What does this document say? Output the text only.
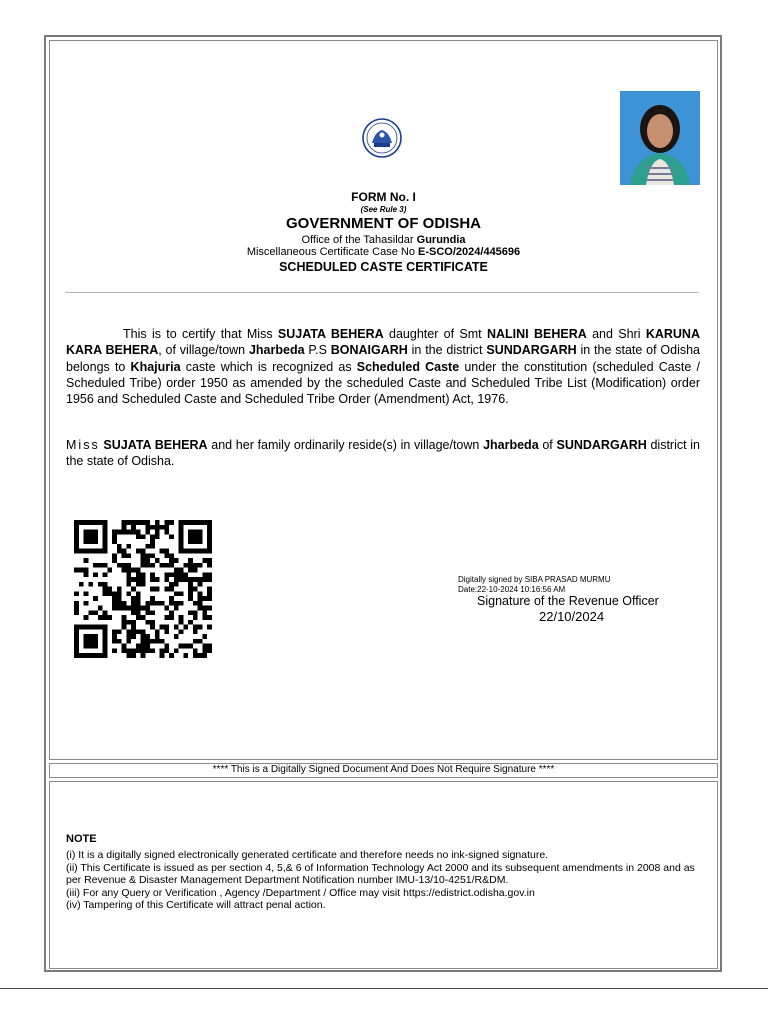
FORM No. I
(See Rule 3)
GOVERNMENT OF ODISHA
Office of the Tahasildar Gurundia
Miscellaneous Certificate Case No E-SCO/2024/445696
SCHEDULED CASTE CERTIFICATE

This is to certify that Miss SUJATA BEHERA daughter of Smt NALINI BEHERA and Shri KARUNA KARA BEHERA, of village/town Jharbeda P.S BONAIGARH in the district SUNDARGARH in the state of Odisha belongs to Khajuria caste which is recognized as Scheduled Caste under the constitution (scheduled Caste / Scheduled Tribe) order 1950 as amended by the scheduled Caste and Scheduled Tribe List (Modification) order 1956 and Scheduled Caste and Scheduled Tribe Order (Amendment) Act, 1976.

Miss SUJATA BEHERA and her family ordinarily reside(s) in village/town Jharbeda of SUNDARGARH district in the state of Odisha.

Digitally signed by SIBA PRASAD MURMU
Date:22-10-2024 10:16:56 AM
Signature of the Revenue Officer
22/10/2024
**** This is a Digitally Signed Document And Does Not Require Signature ****
NOTE
(i) It is a digitally signed electronically generated certificate and therefore needs no ink-signed signature.
(ii) This Certificate is issued as per section 4, 5,& 6 of Information Technology Act 2000 and its subsequent amendments in 2008 and as per Revenue & Disaster Management Department Notification number IMU-13/10-4251/R&DM.
(iii) For any Query or Verification , Agency /Department / Office may visit https://edistrict.odisha.gov.in
(iv) Tampering of this Certificate will attract penal action.
